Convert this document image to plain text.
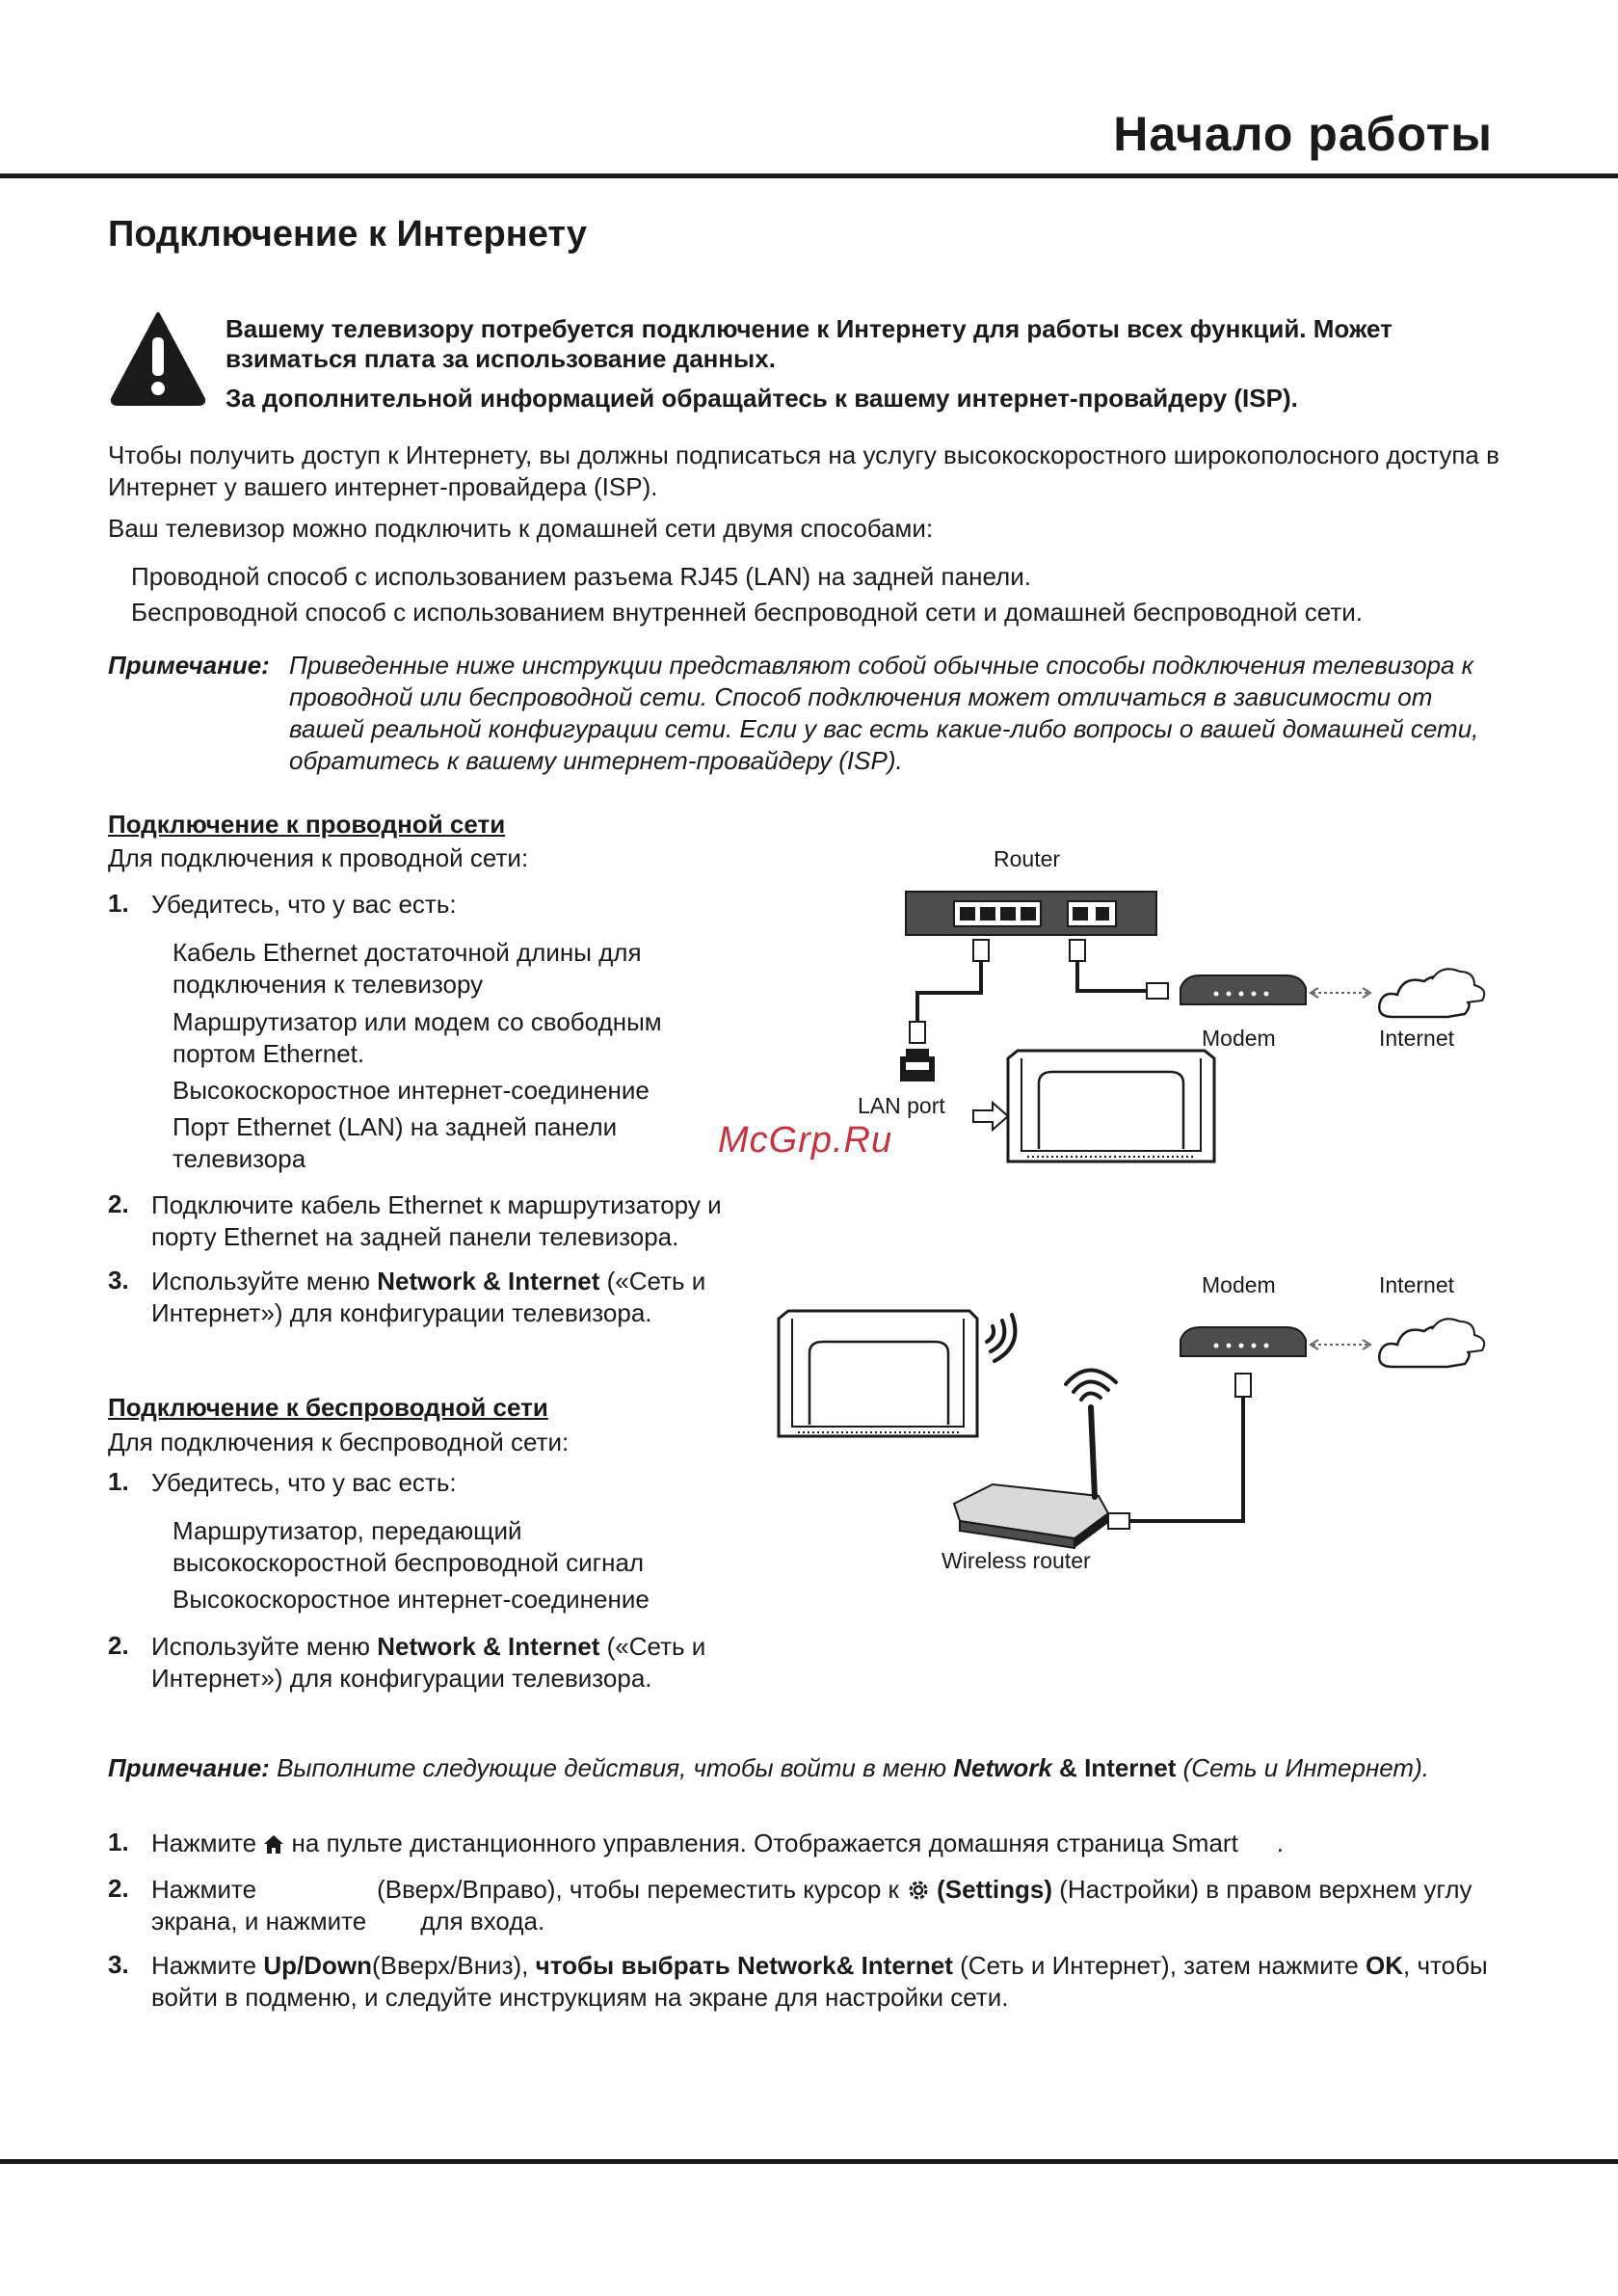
Начало работы
Подключение к Интернету

Вашему телевизору потребуется подключение к Интернету для работы всех функций. Может взиматься плата за использование данных.

За дополнительной информацией обращайтесь к вашему интернет-провайдеру (ISP).

Чтобы получить доступ к Интернету, вы должны подписаться на услугу высокоскоростного широкополосного доступа в Интернет у вашего интернет-провайдера (ISP).
Ваш телевизор можно подключить к домашней сети двумя способами:
Проводной способ с использованием разъема RJ45 (LAN) на задней панели.
Беспроводной способ с использованием внутренней беспроводной сети и домашней беспроводной сети.
Примечание: Приведенные ниже инструкции представляют собой обычные способы подключения телевизора к проводной или беспроводной сети. Способ подключения может отличаться в зависимости от вашей реальной конфигурации сети. Если у вас есть какие-либо вопросы о вашей домашней сети, обратитесь к вашему интернет-провайдеру (ISP).
Подключение к проводной сети
Для подключения к проводной сети:
1. Убедитесь, что у вас есть:
Кабель Ethernet достаточной длины для подключения к телевизору
Маршрутизатор или модем со свободным портом Ethernet.
Высокоскоростное интернет-соединение
Порт Ethernet (LAN) на задней панели телевизора
2. Подключите кабель Ethernet к маршрутизатору и порту Ethernet на задней панели телевизора.
3. Используйте меню Network & Internet («Сеть и Интернет») для конфигурации телевизора.
Подключение к беспроводной сети
Для подключения к беспроводной сети:
1. Убедитесь, что у вас есть:
Маршрутизатор, передающий высокоскоростной беспроводной сигнал
Высокоскоростное интернет-соединение
2. Используйте меню Network & Internet («Сеть и Интернет») для конфигурации телевизора.
Router
Modem	Internet
LAN port
Modem	Internet
Wireless router
McGrp.Ru
Примечание: Выполните следующие действия, чтобы войти в меню Network & Internet (Сеть и Интернет).
1. Нажмите  на пульте дистанционного управления. Отображается домашняя страница Smart .
2. Нажмите	(Вверх/Вправо), чтобы переместить курсор к (Settings) (Настройки) в правом верхнем углу экрана, и нажмите для входа.
3. Нажмите Up/Down(Вверх/Вниз), чтобы выбрать Network& Internet (Сеть и Интернет), затем нажмите OK, чтобы войти в подменю, и следуйте инструкциям на экране для настройки сети.
